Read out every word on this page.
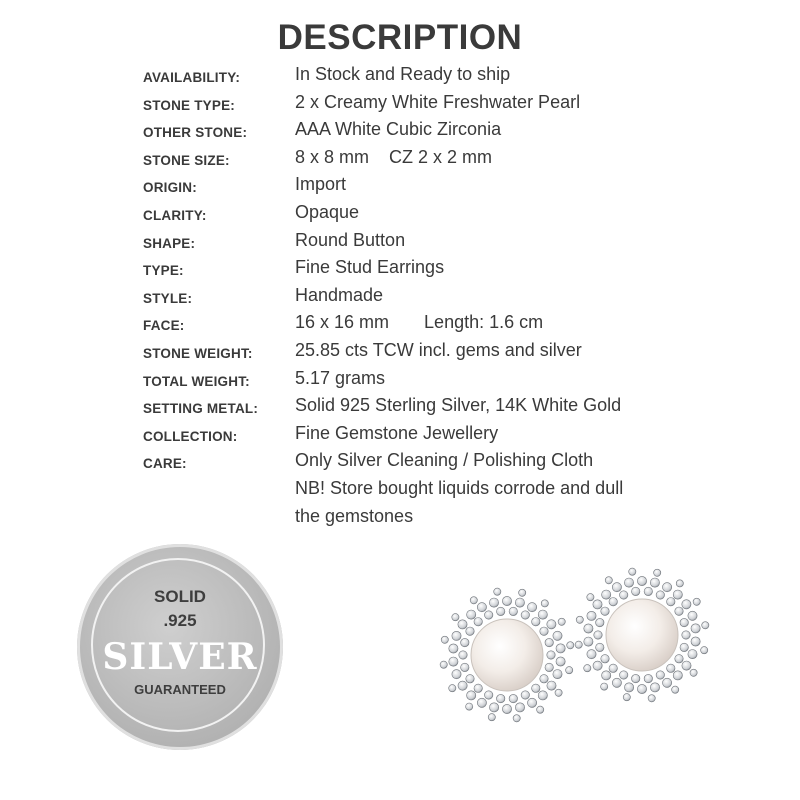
DESCRIPTION
AVAILABILITY:	In Stock and Ready to ship
STONE TYPE:	2 x Creamy White Freshwater Pearl
OTHER STONE:	AAA White Cubic Zirconia
STONE SIZE:	8 x 8 mm    CZ 2 x 2 mm
ORIGIN:	Import
CLARITY:	Opaque
SHAPE:	Round Button
TYPE:	Fine Stud Earrings
STYLE:	Handmade
FACE:	16 x 16 mm       Length: 1.6 cm
STONE WEIGHT: 25.85 cts TCW incl. gems and silver
TOTAL WEIGHT:	5.17 grams
SETTING METAL: Solid 925 Sterling Silver, 14K White Gold
COLLECTION:	Fine Gemstone Jewellery
CARE:	Only Silver Cleaning / Polishing Cloth
NB! Store bought liquids corrode and dull
the gemstones
SOLID
.925
SILVER
GUARANTEED
